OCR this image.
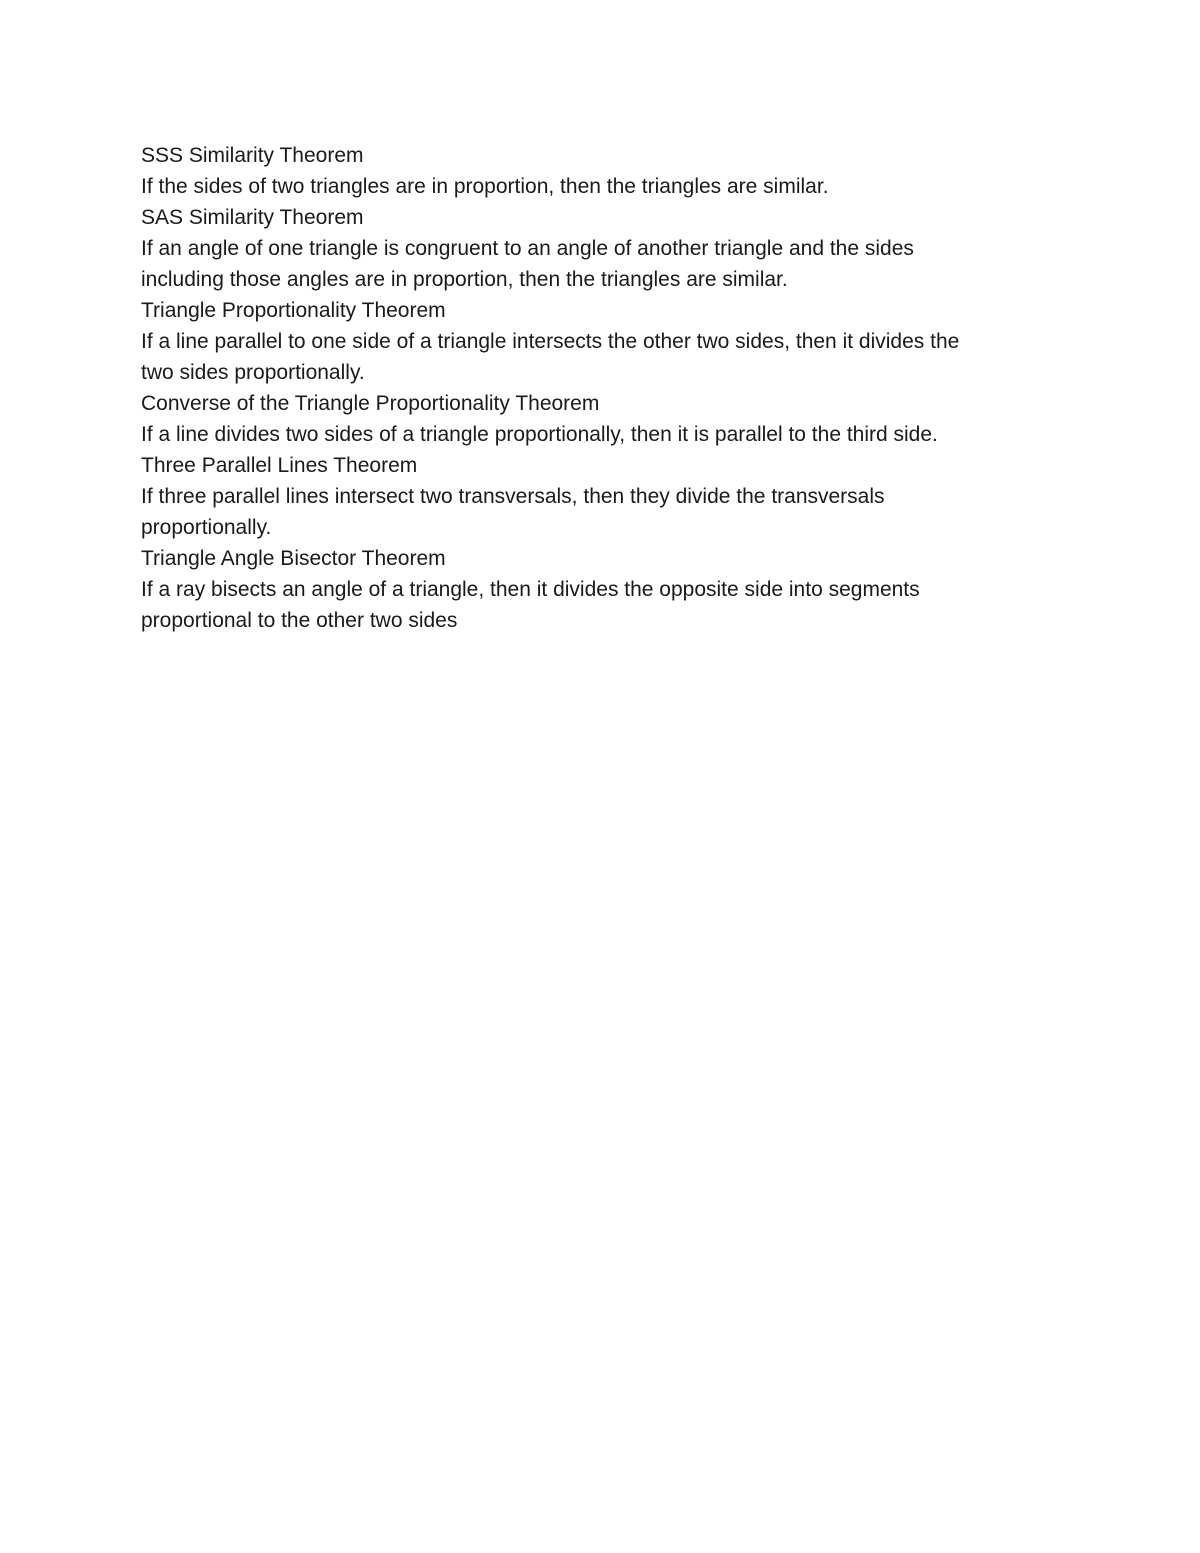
SSS Similarity Theorem

If the sides of two triangles are in proportion, then the triangles are similar.

SAS Similarity Theorem

If an angle of one triangle is congruent to an angle of another triangle and the sides

including those angles are in proportion, then the triangles are similar.

Triangle Proportionality Theorem

If a line parallel to one side of a triangle intersects the other two sides, then it divides the

two sides proportionally.

Converse of the Triangle Proportionality Theorem

If a line divides two sides of a triangle proportionally, then it is parallel to the third side.

Three Parallel Lines Theorem

If three parallel lines intersect two transversals, then they divide the transversals

proportionally.

Triangle Angle Bisector Theorem

If a ray bisects an angle of a triangle, then it divides the opposite side into segments

proportional to the other two sides
